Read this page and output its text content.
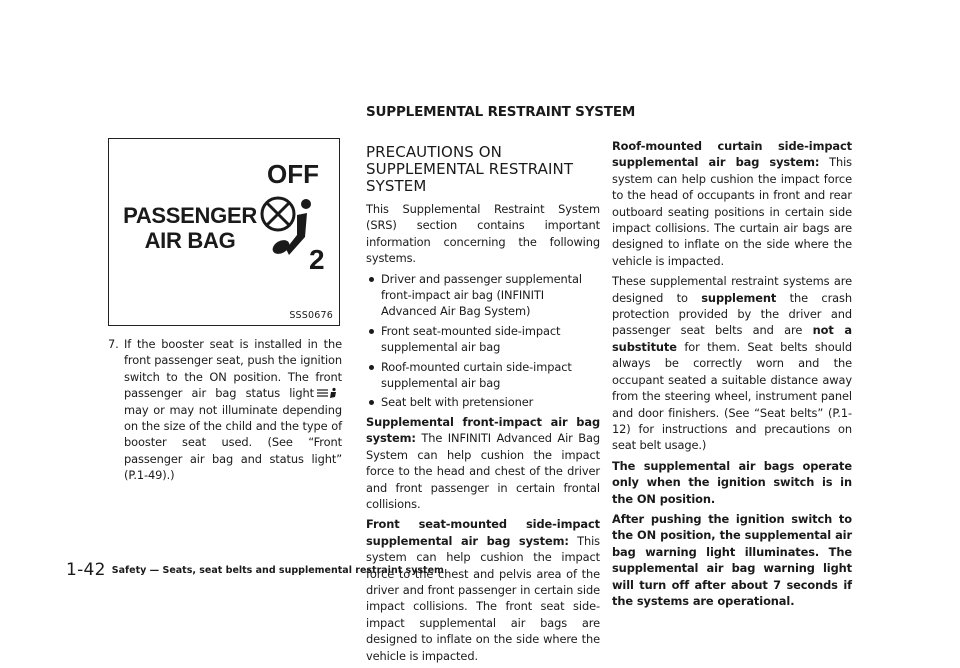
SUPPLEMENTAL RESTRAINT SYSTEM
PASSENGER
AIR BAG
OFF
2
SSS0676
7. If the booster seat is installed in the front passenger seat, push the ignition switch to the ON position. The front passenger air bag status lightmay or may not illuminate depending on the size of the child and the type of booster seat used. (See “Front passenger air bag and status light” (P.1-49).)
PRECAUTIONS ON SUPPLEMENTAL RESTRAINT SYSTEM

This Supplemental Restraint System (SRS) section contains important information concerning the following systems.

Driver and passenger supplemental front-impact air bag (INFINITI Advanced Air Bag System)
Front seat-mounted side-impact supplemental air bag
Roof-mounted curtain side-impact supplemental air bag
Seat belt with pretensioner

Supplemental front-impact air bag system: The INFINITI Advanced Air Bag System can help cushion the impact force to the head and chest of the driver and front passenger in certain frontal collisions.

Front seat-mounted side-impact supplemental air bag system: This system can help cushion the impact force to the chest and pelvis area of the driver and front passenger in certain side impact collisions. The front seat side-impact supplemental air bags are designed to inflate on the side where the vehicle is impacted.

Roof-mounted curtain side-impact supplemental air bag system: This system can help cushion the impact force to the head of occupants in front and rear outboard seating positions in certain side impact collisions. The curtain air bags are designed to inflate on the side where the vehicle is impacted.

These supplemental restraint systems are designed to supplement the crash protection provided by the driver and passenger seat belts and are not a substitute for them. Seat belts should always be correctly worn and the occupant seated a suitable distance away from the steering wheel, instrument panel and door finishers. (See “Seat belts” (P.1-12) for instructions and precautions on seat belt usage.)

The supplemental air bags operate only when the ignition switch is in the ON position.

After pushing the ignition switch to the ON position, the supplemental air bag warning light illuminates. The supplemental air bag warning light will turn off after about 7 seconds if the systems are operational.

1-42 Safety — Seats, seat belts and supplemental restraint system
